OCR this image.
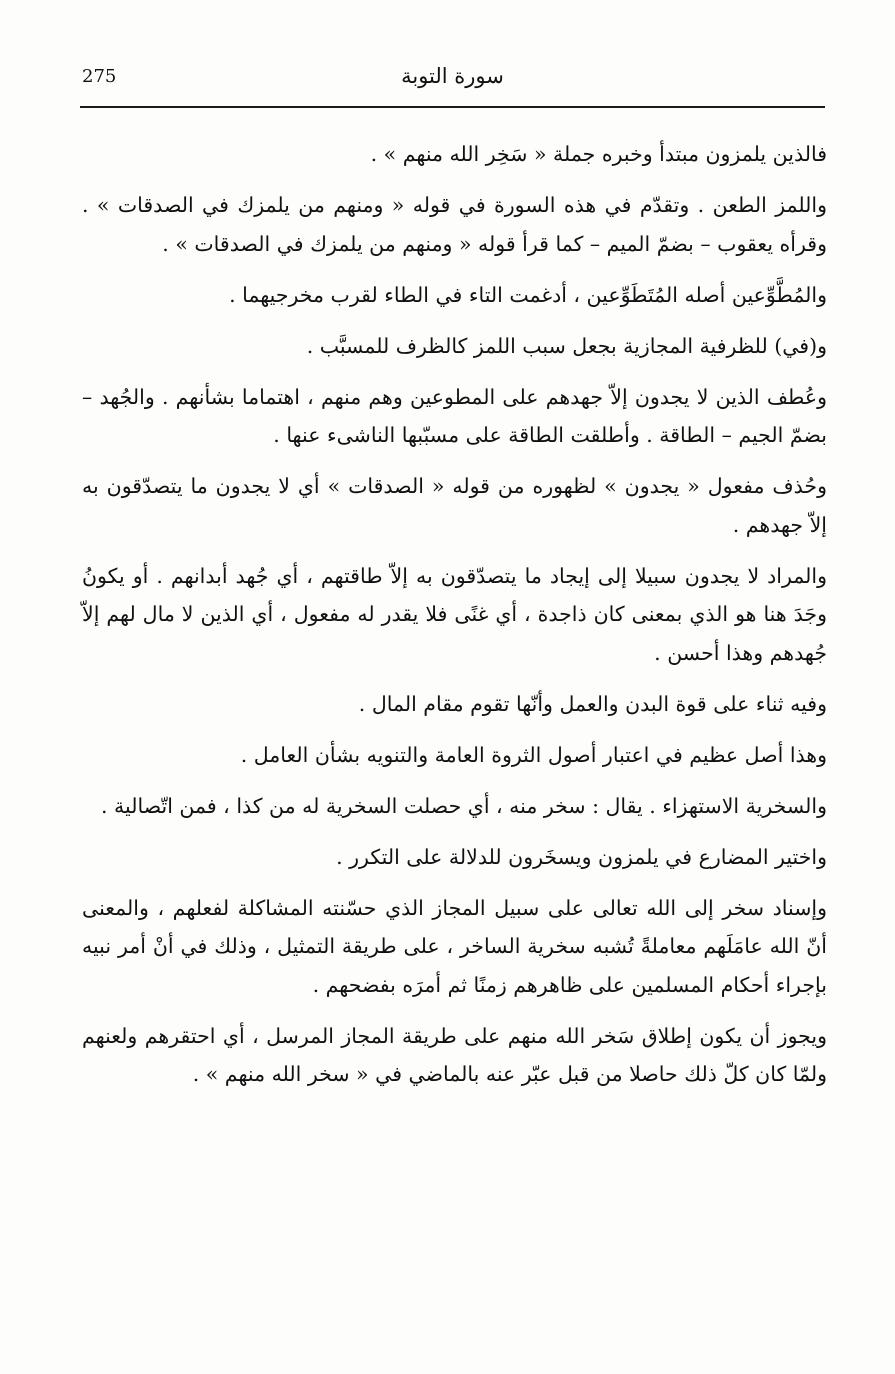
275	سورة التوبة

فالذين يلمزون مبتدأ وخبره جملة « سَخِر الله منهم » .

واللمز الطعن . وتقدّم في هذه السورة في قوله « ومنهم من يلمزك في الصدقات » . وقرأه يعقوب – بضمّ الميم – كما قرأ قوله « ومنهم من يلمزك في الصدقات » .

والمُطَّوِّعين أصله المُتَطَوِّعين ، أدغمت التاء في الطاء لقرب مخرجيهما .

و(في) للظرفية المجازية بجعل سبب اللمز كالظرف للمسبَّب .

وعُطف الذين لا يجدون إلاّ جهدهم على المطوعين وهم منهم ، اهتماما بشأنهم . والجُهد – بضمّ الجيم – الطاقة . وأطلقت الطاقة على مسبّبها الناشىء عنها .

وحُذف مفعول « يجدون » لظهوره من قوله « الصدقات » أي لا يجدون ما يتصدّقون به إلاّ جهدهم .

والمراد لا يجدون سبيلا إلى إيجاد ما يتصدّقون به إلاّ طاقتهم ، أي جُهد أبدانهم . أو يكونُ وجَدَ هنا هو الذي بمعنى كان ذاجدة ، أي غنًى فلا يقدر له مفعول ، أي الذين لا مال لهم إلاّ جُهدهم وهذا أحسن .

وفيه ثناء على قوة البدن والعمل وأنّها تقوم مقام المال .

وهذا أصل عظيم في اعتبار أصول الثروة العامة والتنويه بشأن العامل .

والسخرية الاستهزاء . يقال : سخر منه ، أي حصلت السخرية له من كذا ، فمن اتّصالية .

واختير المضارع في يلمزون ويسخَرون للدلالة على التكرر .

وإسناد سخر إلى الله تعالى على سبيل المجاز الذي حسّنته المشاكلة لفعلهم ، والمعنى أنّ الله عامَلَهم معاملةً تُشبه سخرية الساخر ، على طريقة التمثيل ، وذلك في أنْ أمر نبيه بإجراء أحكام المسلمين على ظاهرهم زمنًا ثم أمرَه بفضحهم .

ويجوز أن يكون إطلاق سَخر الله منهم على طريقة المجاز المرسل ، أي احتقرهم ولعنهم ولمّا كان كلّ ذلك حاصلا من قبل عبّر عنه بالماضي في « سخر الله منهم » .
